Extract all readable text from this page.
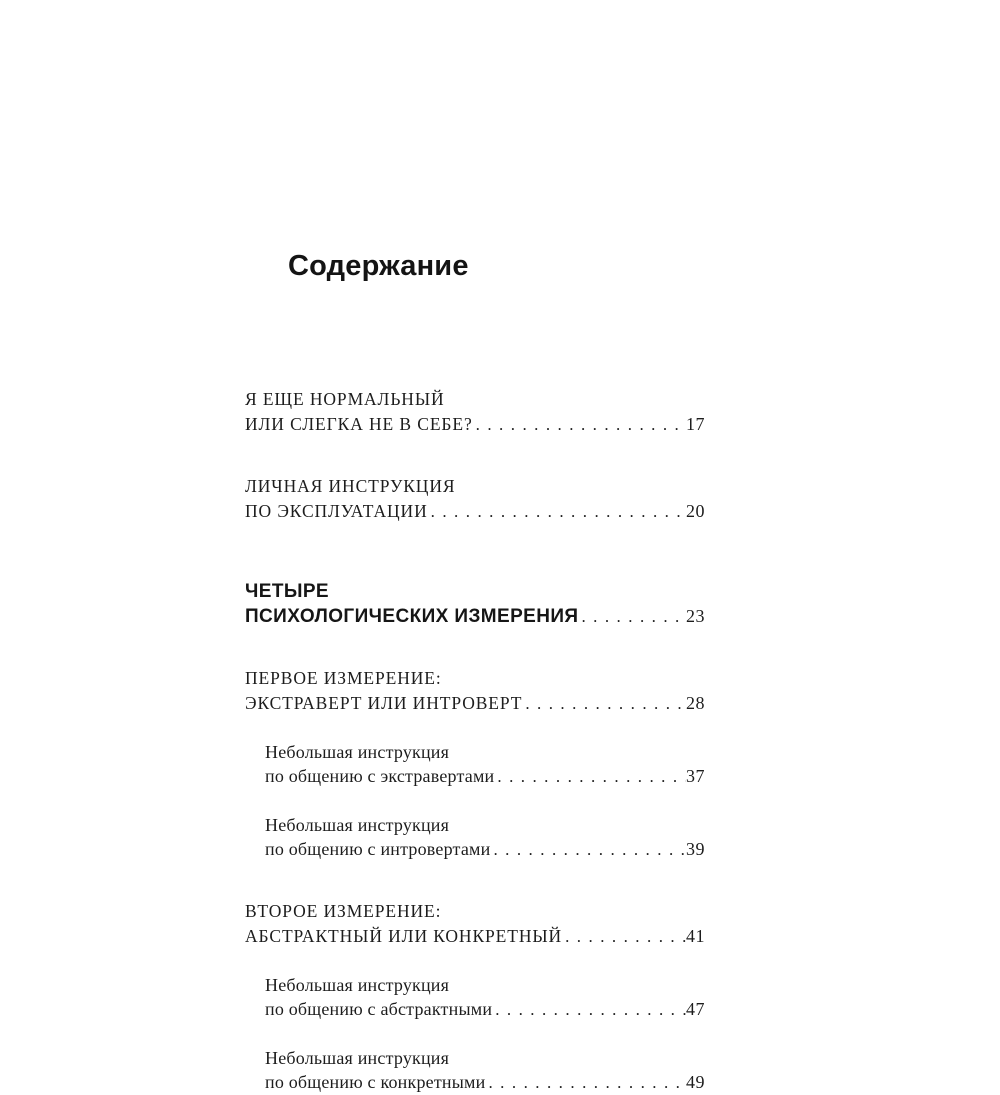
Содержание
Я ЕЩЕ НОРМАЛЬНЫЙ
ИЛИ СЛЕГКА НЕ В СЕБЕ? . . .	17
ЛИЧНАЯ ИНСТРУКЦИЯ
ПО ЭКСПЛУАТАЦИИ . . .	20
ЧЕТЫРЕ
ПСИХОЛОГИЧЕСКИХ ИЗМЕРЕНИЯ . . .	23
ПЕРВОЕ ИЗМЕРЕНИЕ:
ЭКСТРАВЕРТ ИЛИ ИНТРОВЕРТ . . .	28
Небольшая инструкция
по общению с экстравертами . . .	37
Небольшая инструкция
по общению с интровертами . . .	39
ВТОРОЕ ИЗМЕРЕНИЕ:
АБСТРАКТНЫЙ ИЛИ КОНКРЕТНЫЙ . . .	41
Небольшая инструкция
по общению с абстрактными . . .	47
Небольшая инструкция
по общению с конкретными . . .	49
